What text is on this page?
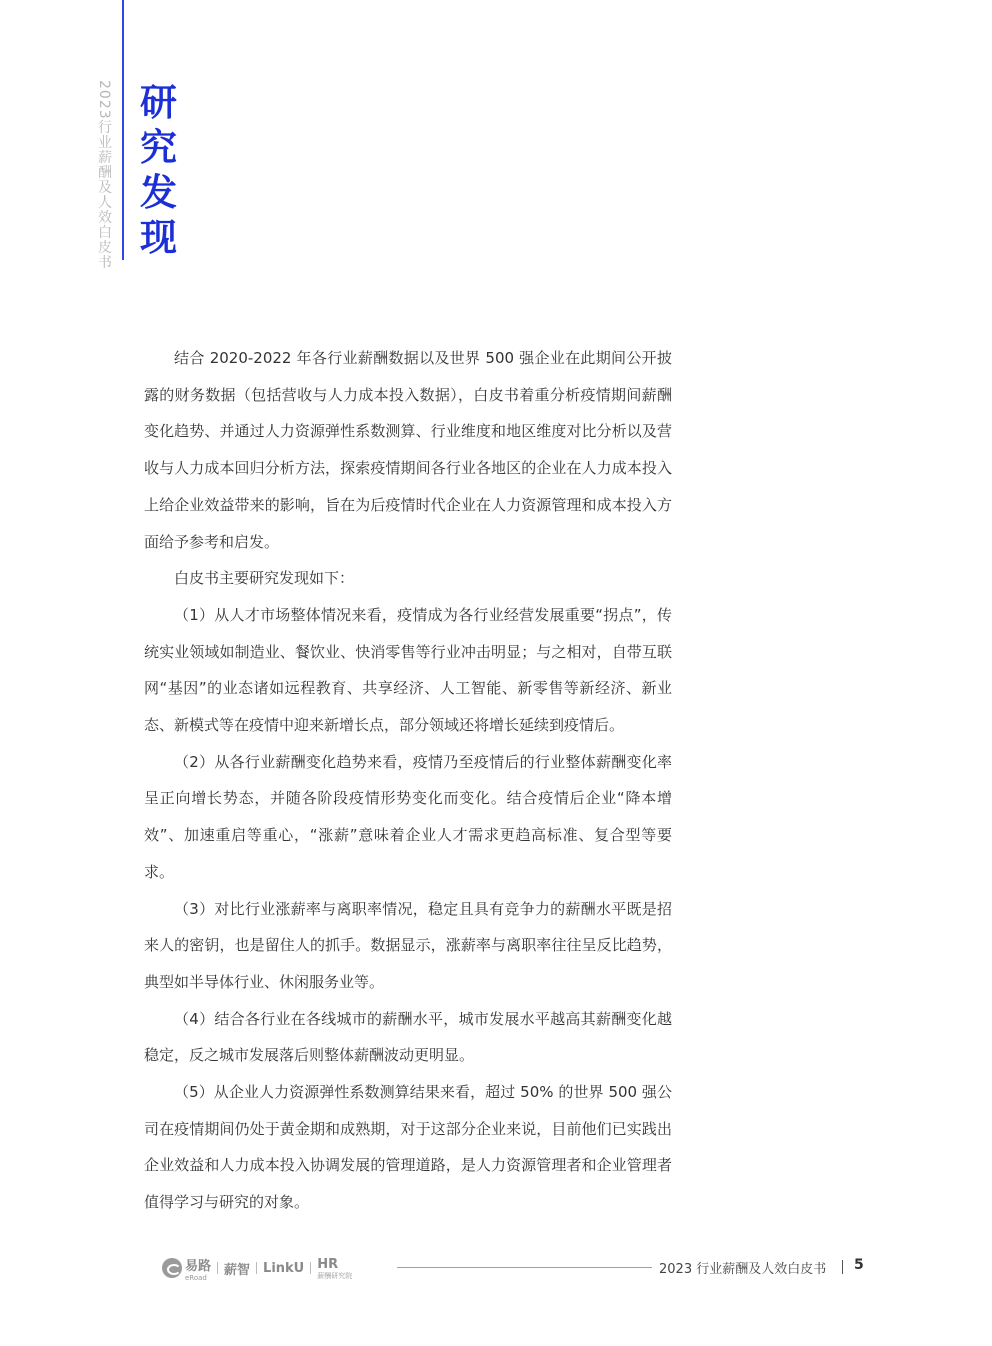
2023行业薪酬及人效白皮书 研究发现

结合 2020-2022 年各行业薪酬数据以及世界 500 强企业在此期间公开披露的财务数据（包括营收与人力成本投入数据），白皮书着重分析疫情期间薪酬变化趋势、并通过人力资源弹性系数测算、行业维度和地区维度对比分析以及营收与人力成本回归分析方法，探索疫情期间各行业各地区的企业在人力成本投入上给企业效益带来的影响，旨在为后疫情时代企业在人力资源管理和成本投入方面给予参考和启发。

白皮书主要研究发现如下：

（1）从人才市场整体情况来看，疫情成为各行业经营发展重要“拐点”，传统实业领域如制造业、餐饮业、快消零售等行业冲击明显；与之相对，自带互联网“基因”的业态诸如远程教育、共享经济、人工智能、新零售等新经济、新业态、新模式等在疫情中迎来新增长点，部分领域还将增长延续到疫情后。

（2）从各行业薪酬变化趋势来看，疫情乃至疫情后的行业整体薪酬变化率呈正向增长势态，并随各阶段疫情形势变化而变化。结合疫情后企业“降本增效”、加速重启等重心，“涨薪”意味着企业人才需求更趋高标准、复合型等要求。

（3）对比行业涨薪率与离职率情况，稳定且具有竞争力的薪酬水平既是招来人的密钥，也是留住人的抓手。数据显示，涨薪率与离职率往往呈反比趋势，典型如半导体行业、休闲服务业等。

（4）结合各行业在各线城市的薪酬水平，城市发展水平越高其薪酬变化越稳定，反之城市发展落后则整体薪酬波动更明显。

（5）从企业人力资源弹性系数测算结果来看，超过 50% 的世界 500 强公司在疫情期间仍处于黄金期和成熟期，对于这部分企业来说，目前他们已实践出企业效益和人力成本投入协调发展的管理道路，是人力资源管理者和企业管理者值得学习与研究的对象。

易路
eRoad	薪智 LinkU HR
薪酬研究院	2023 行业薪酬及人效白皮书 5
